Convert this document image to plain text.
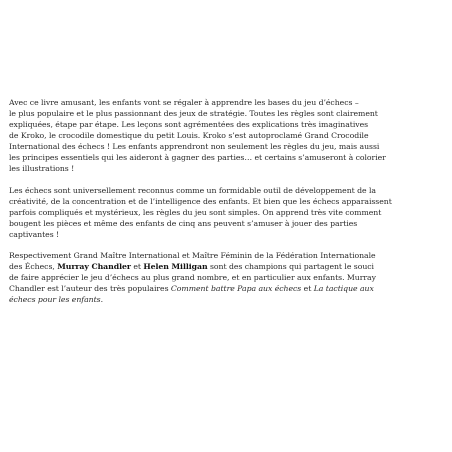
Avec ce livre amusant, les enfants vont se régaler à apprendre les bases du jeu d’échecs –
le plus populaire et le plus passionnant des jeux de stratégie. Toutes les règles sont clairement
expliquées, étape par étape. Les leçons sont agrémentées des explications très imaginatives
de Kroko, le crocodile domestique du petit Louis. Kroko s’est autoproclamé Grand Crocodile
International des échecs ! Les enfants apprendront non seulement les règles du jeu, mais aussi
les principes essentiels qui les aideront à gagner des parties… et certains s’amuseront à colorier
les illustrations !

Les échecs sont universellement reconnus comme un formidable outil de développement de la
créativité, de la concentration et de l’intelligence des enfants. Et bien que les échecs apparaissent
parfois compliqués et mystérieux, les règles du jeu sont simples. On apprend très vite comment
bougent les pièces et même des enfants de cinq ans peuvent s’amuser à jouer des parties
captivantes !

Respectivement Grand Maître International et Maître Féminin de la Fédération Internationale
des Échecs, Murray Chandler et Helen Milligan sont des champions qui partagent le souci
de faire apprécier le jeu d’échecs au plus grand nombre, et en particulier aux enfants. Murray
Chandler est l’auteur des très populaires Comment battre Papa aux échecs et La tactique aux
échecs pour les enfants.
